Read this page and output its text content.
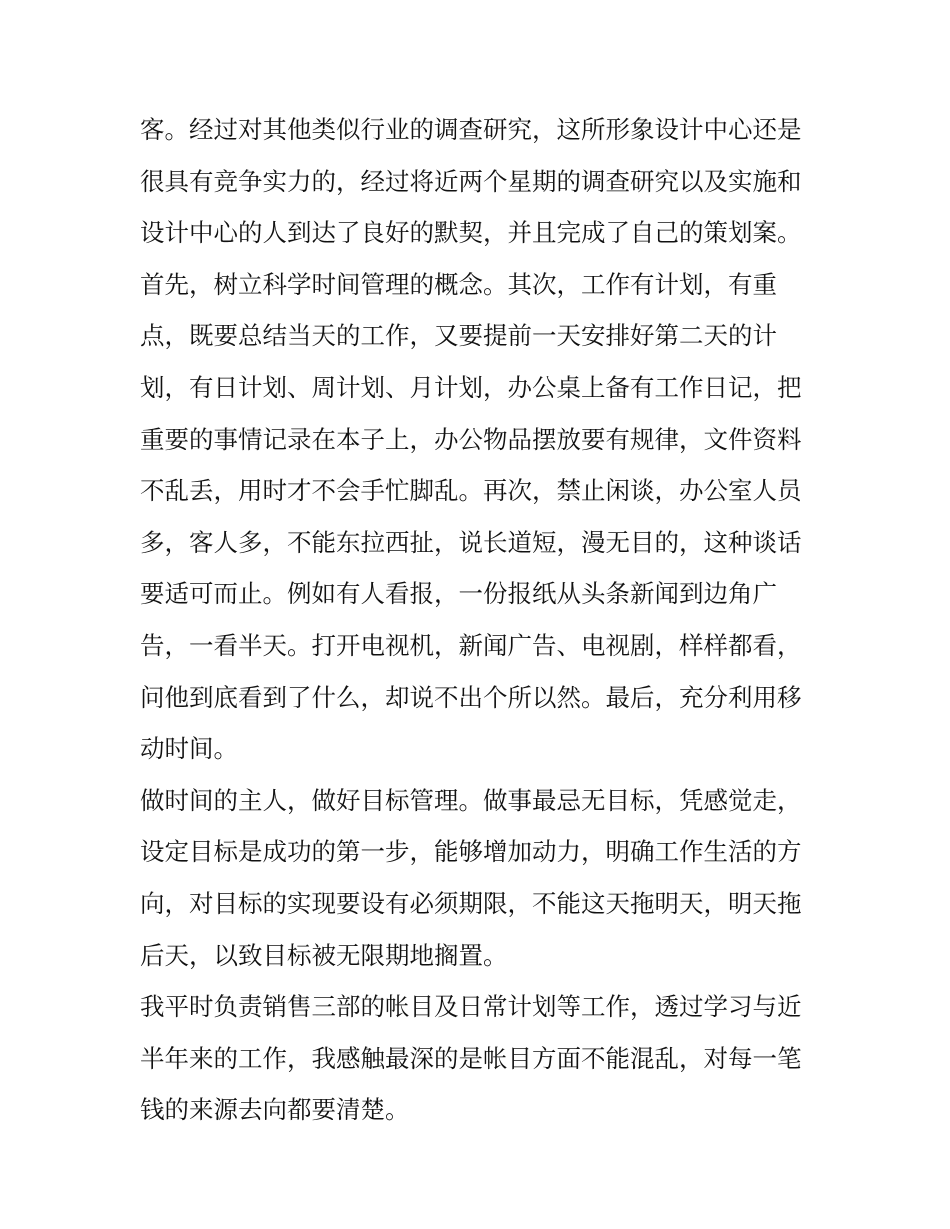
客。经过对其他类似行业的调查研究，这所形象设计中心还是
很具有竞争实力的，经过将近两个星期的调查研究以及实施和
设计中心的人到达了良好的默契，并且完成了自己的策划案。
首先，树立科学时间管理的概念。其次，工作有计划，有重
点，既要总结当天的工作，又要提前一天安排好第二天的计
划，有日计划、周计划、月计划，办公桌上备有工作日记，把
重要的事情记录在本子上，办公物品摆放要有规律，文件资料
不乱丢，用时才不会手忙脚乱。再次，禁止闲谈，办公室人员
多，客人多，不能东拉西扯，说长道短，漫无目的，这种谈话
要适可而止。例如有人看报，一份报纸从头条新闻到边角广
告，一看半天。打开电视机，新闻广告、电视剧，样样都看，
问他到底看到了什么，却说不出个所以然。最后，充分利用移
动时间。
做时间的主人，做好目标管理。做事最忌无目标，凭感觉走，
设定目标是成功的第一步，能够增加动力，明确工作生活的方
向，对目标的实现要设有必须期限，不能这天拖明天，明天拖
后天，以致目标被无限期地搁置。
我平时负责销售三部的帐目及日常计划等工作，透过学习与近
半年来的工作，我感触最深的是帐目方面不能混乱，对每一笔
钱的来源去向都要清楚。
